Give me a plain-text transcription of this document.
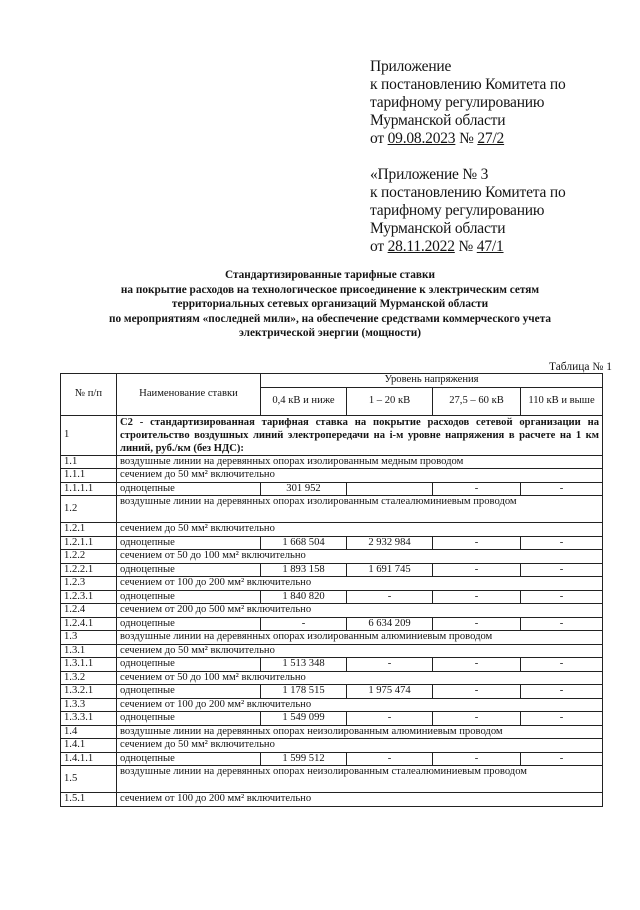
Приложение
к постановлению Комитета по
тарифному регулированию
Мурманской области
от 09.08.2023 № 27/2
«Приложение № 3
к постановлению Комитета по
тарифному регулированию
Мурманской области
от 28.11.2022 № 47/1
Стандартизированные тарифные ставки
на покрытие расходов на технологическое присоединение к электрическим сетям
территориальных сетевых организаций Мурманской области
по мероприятиям «последней мили», на обеспечение средствами коммерческого учета
электрической энергии (мощности)
Таблица № 1
№ п/п	Наименование ставки	Уровень напряжения			
		0,4 кВ и ниже	1 – 20 кВ	27,5 – 60 кВ	110 кВ и выше
1	С2 - стандартизированная тарифная ставка на покрытие расходов сетевой организации на строительство воздушных линий электропередачи на i-м уровне напряжения в расчете на 1 км линий, руб./км (без НДС):				
1.1	воздушные линии на деревянных опорах изолированным медным проводом				
1.1.1	сечением до 50 мм² включительно				
1.1.1.1	одноцепные	301 952		-	-
1.2	воздушные линии на деревянных опорах изолированным сталеалюминиевым проводом				
1.2.1	сечением до 50 мм² включительно				
1.2.1.1	одноцепные	1 668 504	2 932 984	-	-
1.2.2	сечением от 50 до 100 мм² включительно				
1.2.2.1	одноцепные	1 893 158	1 691 745	-	-
1.2.3	сечением от 100 до 200 мм² включительно				
1.2.3.1	одноцепные	1 840 820	-	-	-
1.2.4	сечением от 200 до 500 мм² включительно				
1.2.4.1	одноцепные	-	6 634 209	-	-
1.3	воздушные линии на деревянных опорах изолированным алюминиевым проводом				
1.3.1	сечением до 50 мм² включительно				
1.3.1.1	одноцепные	1 513 348	-	-	-
1.3.2	сечением от 50 до 100 мм² включительно				
1.3.2.1	одноцепные	1 178 515	1 975 474	-	-
1.3.3	сечением от 100 до 200 мм² включительно				
1.3.3.1	одноцепные	1 549 099	-	-	-
1.4	воздушные линии на деревянных опорах неизолированным алюминиевым проводом				
1.4.1	сечением до 50 мм² включительно				
1.4.1.1	одноцепные	1 599 512	-	-	-
1.5	воздушные линии на деревянных опорах неизолированным сталеалюминиевым проводом				
1.5.1	сечением от 100 до 200 мм² включительно				
